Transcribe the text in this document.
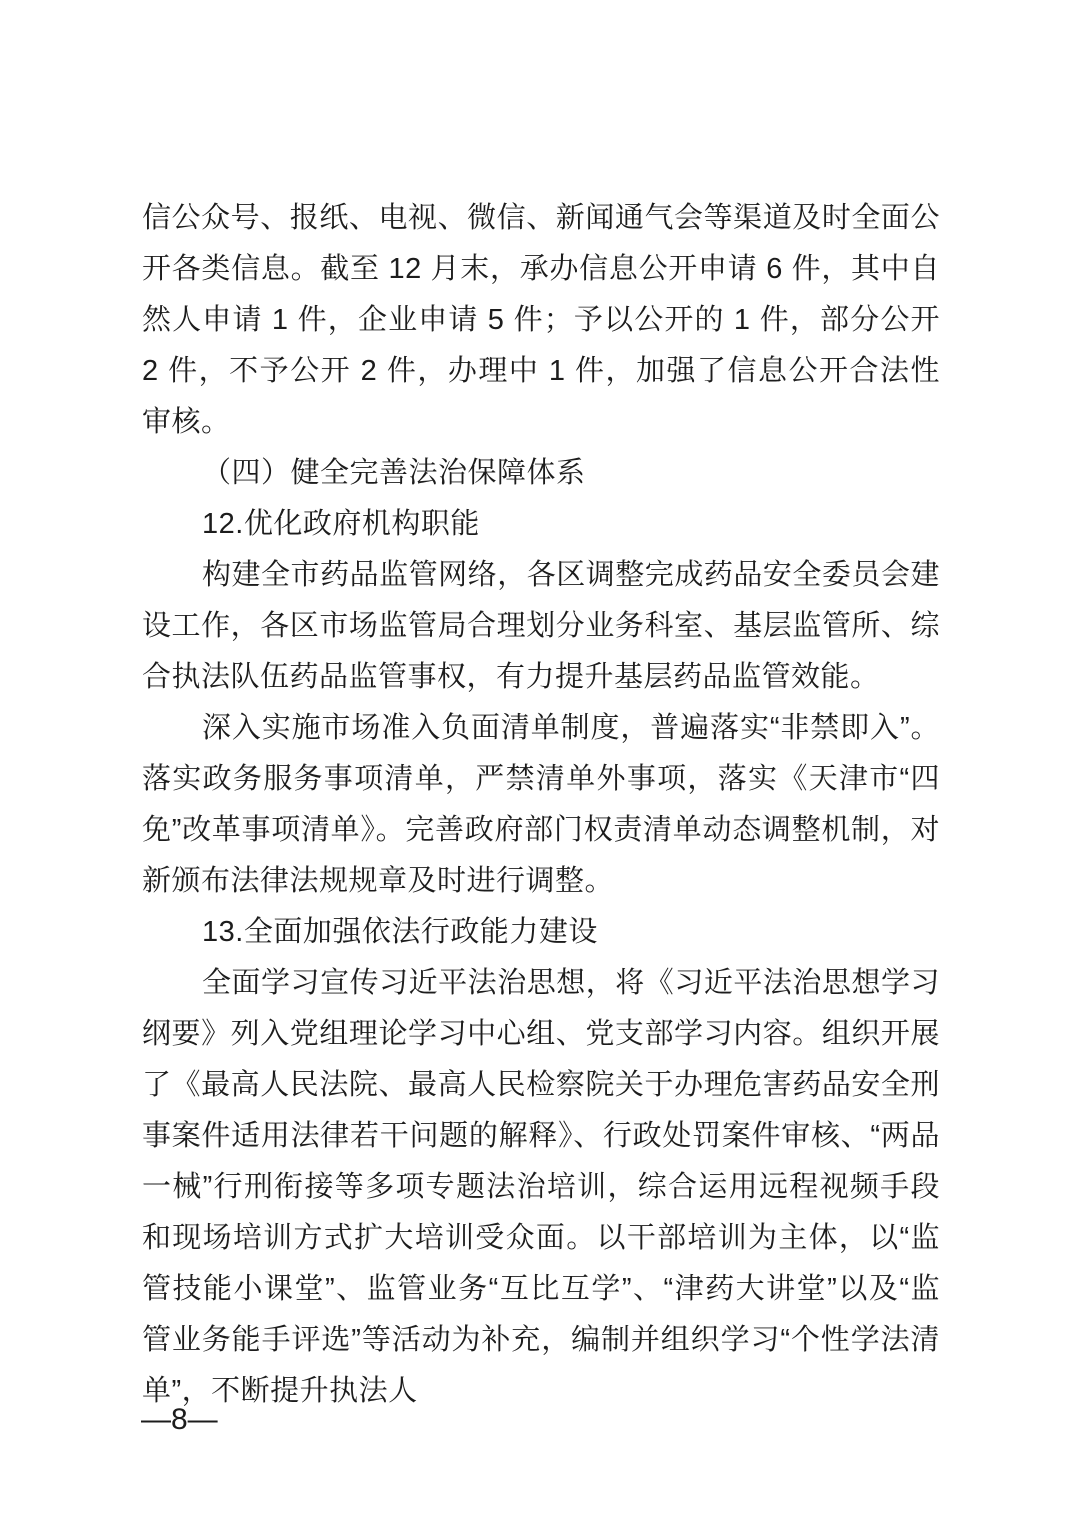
信公众号、报纸、电视、微信、新闻通气会等渠道及时全面公开各类信息。截至 12 月末，承办信息公开申请 6 件，其中自然人申请 1 件，企业申请 5 件；予以公开的 1 件，部分公开 2 件，不予公开 2 件，办理中 1 件，加强了信息公开合法性审核。

（四）健全完善法治保障体系

12.优化政府机构职能

构建全市药品监管网络，各区调整完成药品安全委员会建设工作，各区市场监管局合理划分业务科室、基层监管所、综合执法队伍药品监管事权，有力提升基层药品监管效能。

深入实施市场准入负面清单制度，普遍落实“非禁即入”。落实政务服务事项清单，严禁清单外事项，落实《天津市“四免”改革事项清单》。完善政府部门权责清单动态调整机制，对新颁布法律法规规章及时进行调整。

13.全面加强依法行政能力建设

全面学习宣传习近平法治思想，将《习近平法治思想学习纲要》列入党组理论学习中心组、党支部学习内容。组织开展了《最高人民法院、最高人民检察院关于办理危害药品安全刑事案件适用法律若干问题的解释》、行政处罚案件审核、“两品一械”行刑衔接等多项专题法治培训，综合运用远程视频手段和现场培训方式扩大培训受众面。以干部培训为主体，以“监管技能小课堂”、监管业务“互比互学”、“津药大讲堂”以及“监管业务能手评选”等活动为补充，编制并组织学习“个性学法清单”，不断提升执法人

—8—
